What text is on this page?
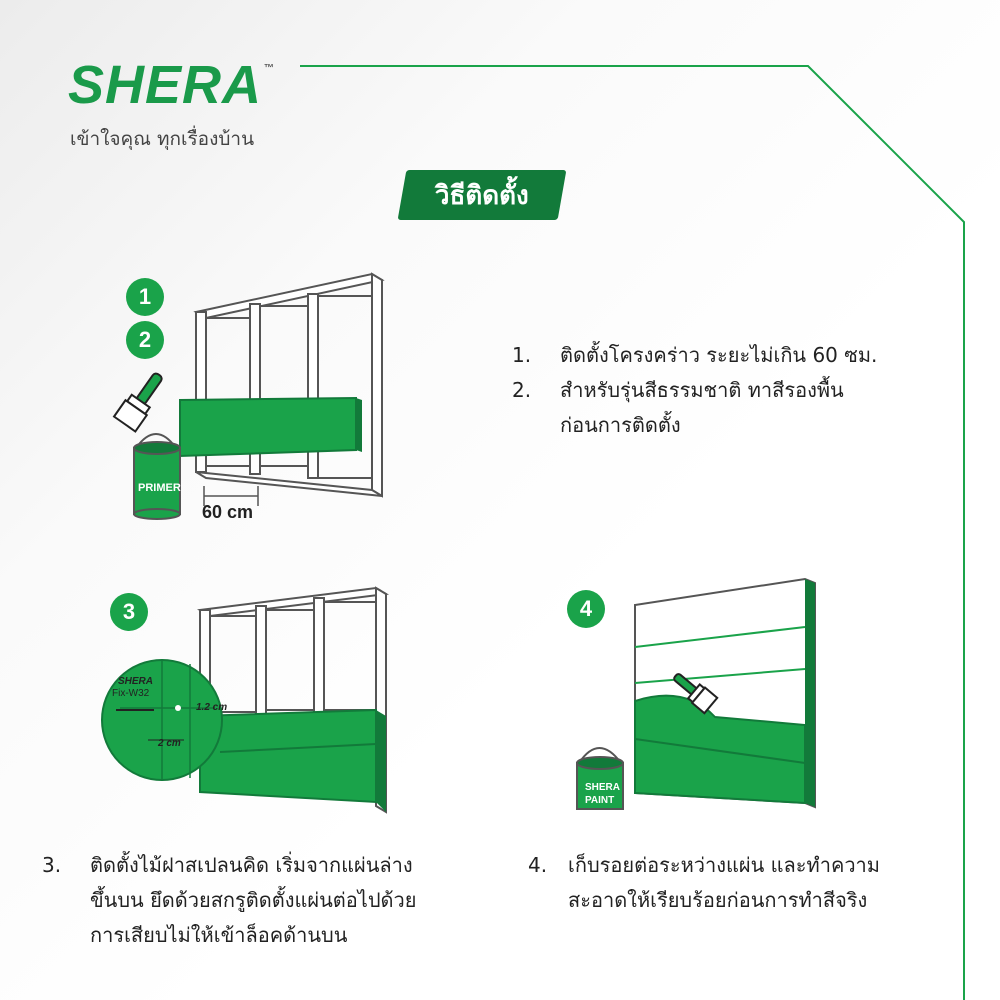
SHERA ™
เข้าใจคุณ ทุกเรื่องบ้าน
วิธีติดตั้ง
1
2
3	4
PRIMER
60 cm
1.	ติดตั้งโครงคร่าว ระยะไม่เกิน 60 ซม.
2.	สำหรับรุ่นสีธรรมชาติ ทาสีรองพื้น
ก่อนการติดตั้ง
SHERA
Fix-W32
1.2 cm
2 cm
SHERA
PAINT
3.	ติดตั้งไม้ฝาสเปลนคิด เริ่มจากแผ่นล่าง
ขึ้นบน ยึดด้วยสกรูติดตั้งแผ่นต่อไปด้วย
การเสียบไม่ให้เข้าล็อคด้านบน
4.	เก็บรอยต่อระหว่างแผ่น และทำความ
สะอาดให้เรียบร้อยก่อนการทำสีจริง
